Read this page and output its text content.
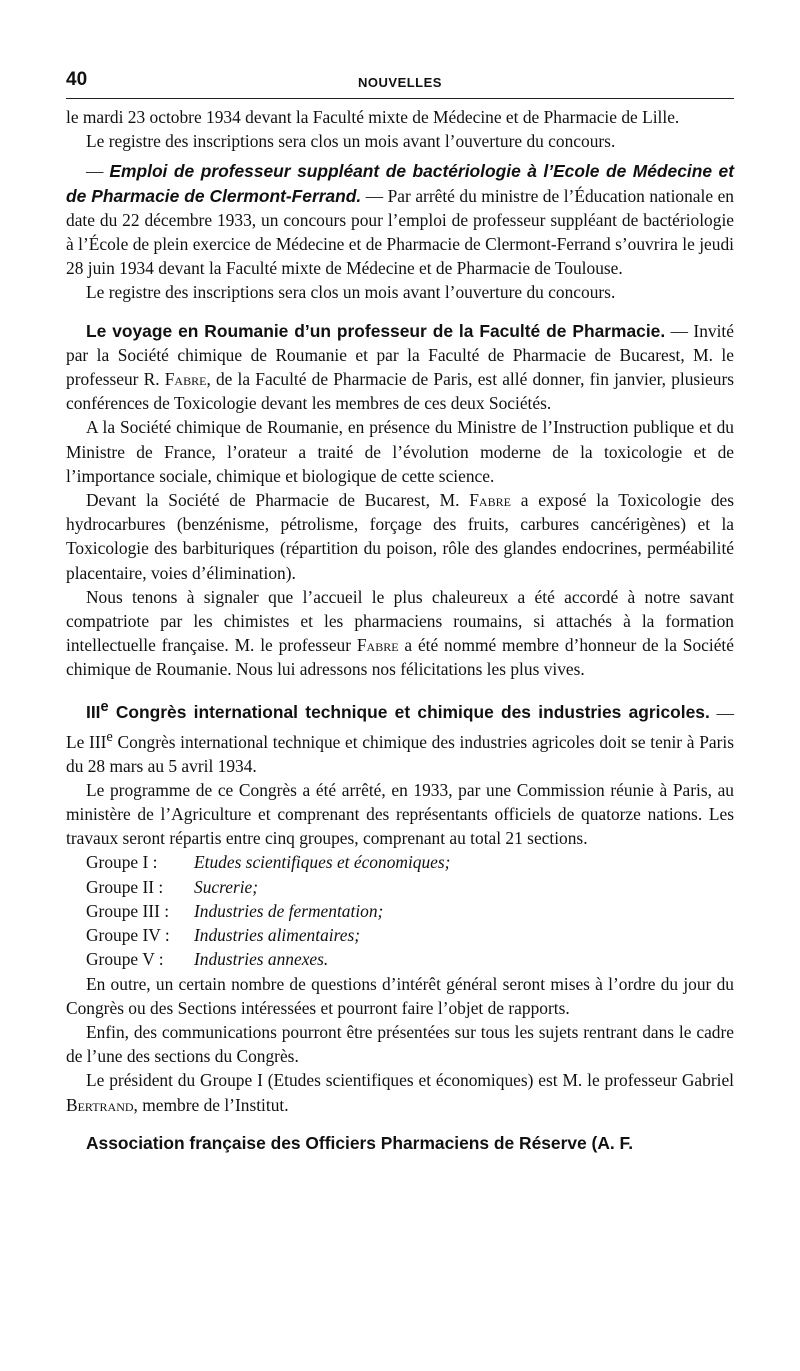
40	NOUVELLES

le mardi 23 octobre 1934 devant la Faculté mixte de Médecine et de Pharmacie de Lille.

Le registre des inscriptions sera clos un mois avant l’ouverture du concours.

— Emploi de professeur suppléant de bactériologie à l’Ecole de Médecine et de Pharmacie de Clermont-Ferrand. — Par arrêté du ministre de l’Éducation nationale en date du 22 décembre 1933, un concours pour l’emploi de professeur suppléant de bactériologie à l’École de plein exercice de Médecine et de Pharmacie de Clermont-Ferrand s’ouvrira le jeudi 28 juin 1934 devant la Faculté mixte de Médecine et de Pharmacie de Toulouse.

Le registre des inscriptions sera clos un mois avant l’ouverture du concours.

Le voyage en Roumanie d’un professeur de la Faculté de Pharmacie. — Invité par la Société chimique de Roumanie et par la Faculté de Pharmacie de Bucarest, M. le professeur R. Fabre, de la Faculté de Pharmacie de Paris, est allé donner, fin janvier, plusieurs conférences de Toxicologie devant les membres de ces deux Sociétés.

A la Société chimique de Roumanie, en présence du Ministre de l’Instruction publique et du Ministre de France, l’orateur a traité de l’évolution moderne de la toxicologie et de l’importance sociale, chimique et biologique de cette science.

Devant la Société de Pharmacie de Bucarest, M. Fabre a exposé la Toxicologie des hydrocarbures (benzénisme, pétrolisme, forçage des fruits, carbures cancérigènes) et la Toxicologie des barbituriques (répartition du poison, rôle des glandes endocrines, perméabilité placentaire, voies d’élimination).

Nous tenons à signaler que l’accueil le plus chaleureux a été accordé à notre savant compatriote par les chimistes et les pharmaciens roumains, si attachés à la formation intellectuelle française. M. le professeur Fabre a été nommé membre d’honneur de la Société chimique de Roumanie. Nous lui adressons nos félicitations les plus vives.

IIIe Congrès international technique et chimique des industries agricoles. — Le IIIe Congrès international technique et chimique des industries agricoles doit se tenir à Paris du 28 mars au 5 avril 1934.

Le programme de ce Congrès a été arrêté, en 1933, par une Commission réunie à Paris, au ministère de l’Agriculture et comprenant des représentants officiels de quatorze nations. Les travaux seront répartis entre cinq groupes, comprenant au total 21 sections.

Groupe I : Etudes scientifiques et économiques;
Groupe II : Sucrerie;
Groupe III : Industries de fermentation;
Groupe IV : Industries alimentaires;
Groupe V : Industries annexes.

En outre, un certain nombre de questions d’intérêt général seront mises à l’ordre du jour du Congrès ou des Sections intéressées et pourront faire l’objet de rapports.

Enfin, des communications pourront être présentées sur tous les sujets rentrant dans le cadre de l’une des sections du Congrès.

Le président du Groupe I (Etudes scientifiques et économiques) est M. le professeur Gabriel Bertrand, membre de l’Institut.

Association française des Officiers Pharmaciens de Réserve (A. F.
